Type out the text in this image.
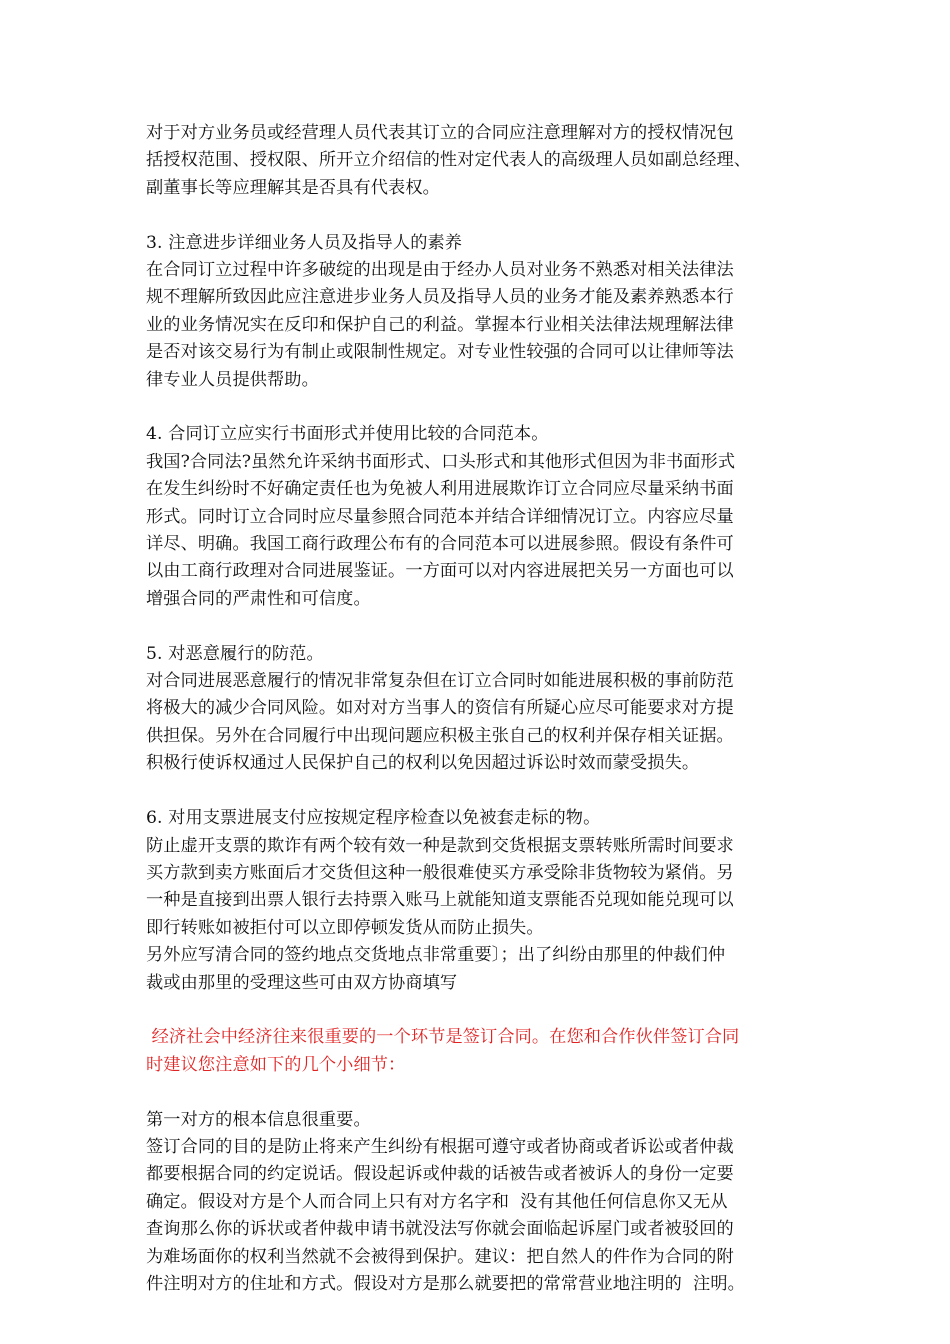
对于对方业务员或经营理人员代表其订立的合同应注意理解对方的授权情况包
括授权范围、授权限、所开立介绍信的性对定代表人的高级理人员如副总经理、
副董事长等应理解其是否具有代表权。
3. 注意进步详细业务人员及指导人的素养
在合同订立过程中许多破绽的出现是由于经办人员对业务不熟悉对相关法律法
规不理解所致因此应注意进步业务人员及指导人员的业务才能及素养熟悉本行
业的业务情况实在反印和保护自己的利益。掌握本行业相关法律法规理解法律
是否对该交易行为有制止或限制性规定。对专业性较强的合同可以让律师等法
律专业人员提供帮助。
4. 合同订立应实行书面形式并使用比较的合同范本。
我国?合同法?虽然允许采纳书面形式、口头形式和其他形式但因为非书面形式
在发生纠纷时不好确定责任也为免被人利用进展欺诈订立合同应尽量采纳书面
形式。同时订立合同时应尽量参照合同范本并结合详细情况订立。内容应尽量
详尽、明确。我国工商行政理公布有的合同范本可以进展参照。假设有条件可
以由工商行政理对合同进展鉴证。一方面可以对内容进展把关另一方面也可以
增强合同的严肃性和可信度。
5. 对恶意履行的防范。
对合同进展恶意履行的情况非常复杂但在订立合同时如能进展积极的事前防范
将极大的减少合同风险。如对对方当事人的资信有所疑心应尽可能要求对方提
供担保。另外在合同履行中出现问题应积极主张自己的权利并保存相关证据。
积极行使诉权通过人民保护自己的权利以免因超过诉讼时效而蒙受损失。
6. 对用支票进展支付应按规定程序检查以免被套走标的物。
防止虚开支票的欺诈有两个较有效一种是款到交货根据支票转账所需时间要求
买方款到卖方账面后才交货但这种一般很难使买方承受除非货物较为紧俏。另
一种是直接到出票人银行去持票入账马上就能知道支票能否兑现如能兑现可以
即行转账如被拒付可以立即停顿发货从而防止损失。
另外应写清合同的签约地点交货地点非常重要〕；出了纠纷由那里的仲裁们仲
裁或由那里的受理这些可由双方协商填写
经济社会中经济往来很重要的一个环节是签订合同。在您和合作伙伴签订合同
时建议您注意如下的几个小细节：
第一对方的根本信息很重要。
签订合同的目的是防止将来产生纠纷有根据可遵守或者协商或者诉讼或者仲裁
都要根据合同的约定说话。假设起诉或仲裁的话被告或者被诉人的身份一定要
确定。假设对方是个人而合同上只有对方名字和  没有其他任何信息你又无从
查询那么你的诉状或者仲裁申请书就没法写你就会面临起诉屋门或者被驳回的
为难场面你的权利当然就不会被得到保护。建议：把自然人的件作为合同的附
件注明对方的住址和方式。假设对方是那么就要把的常常营业地注明的  注明。
